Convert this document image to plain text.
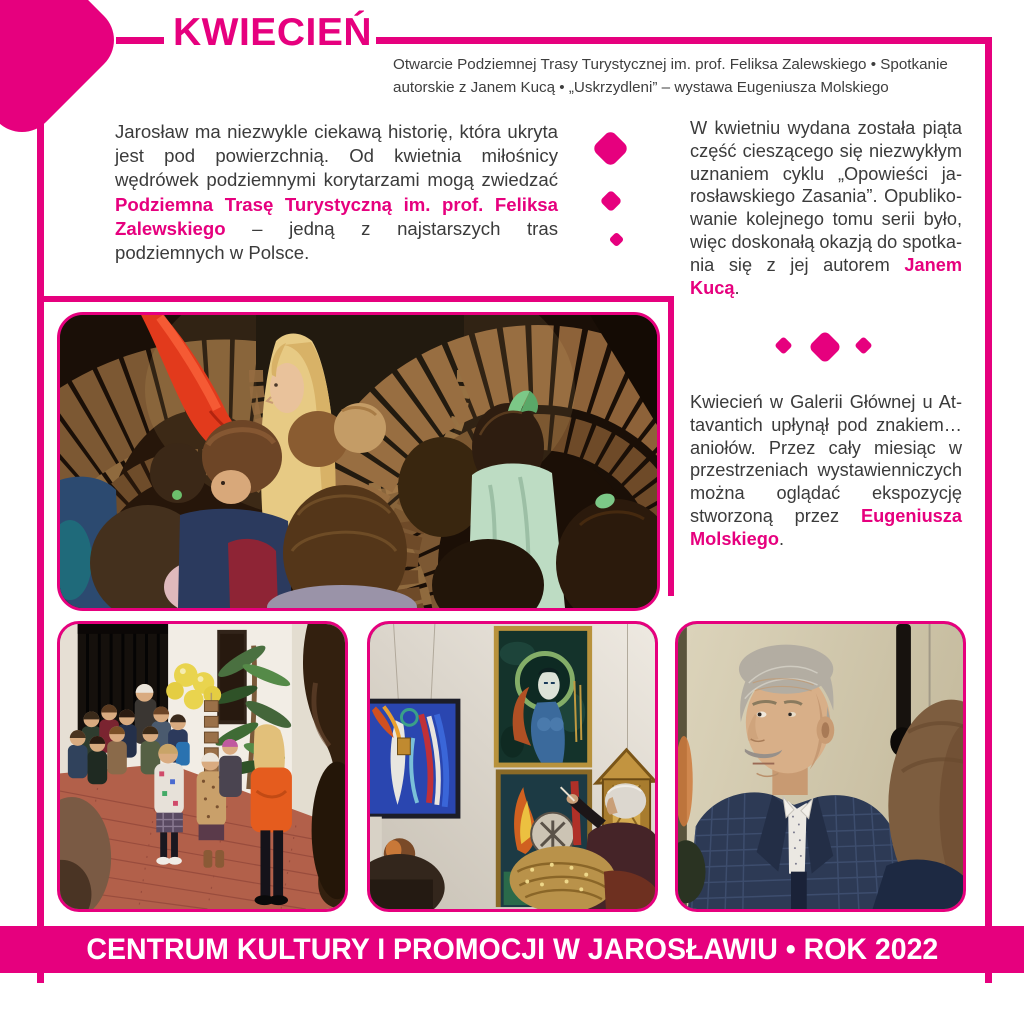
KWIECIEŃ
Otwarcie Podziemnej Trasy Turystycznej im. prof. Feliksa Zalewskiego • Spotkanie
autorskie z Janem Kucą • „Uskrzydleni” – wystawa Eugeniusza Molskiego

Jarosław ma niezwykle ciekawą historię, która ukryta jest pod powierzchnią. Od kwietnia miłośnicy wędrówek podziemnymi korytarzami mogą zwiedzać Podziemna Trasę Turystyczną im. prof. Feliksa Zalewskiego – jedną z najstarszych tras podziemnych w Polsce.

W kwietniu wydana została piąta część cieszącego się niezwykłym uznaniem cyklu „Opowieści jarosławskiego Zasania”. Opublikowanie kolejnego tomu serii było, więc doskonałą okazją do spotkania się z jej autorem Janem Kucą.

Kwiecień w Galerii Głównej u Attavantich upłynął pod znakiem… aniołów. Przez cały miesiąc w przestrzeniach wystawienniczych można oglądać ekspozycję stworzoną przez Eugeniusza Molskiego.

CENTRUM KULTURY I PROMOCJI W JAROSŁAWIU • ROK 2022
